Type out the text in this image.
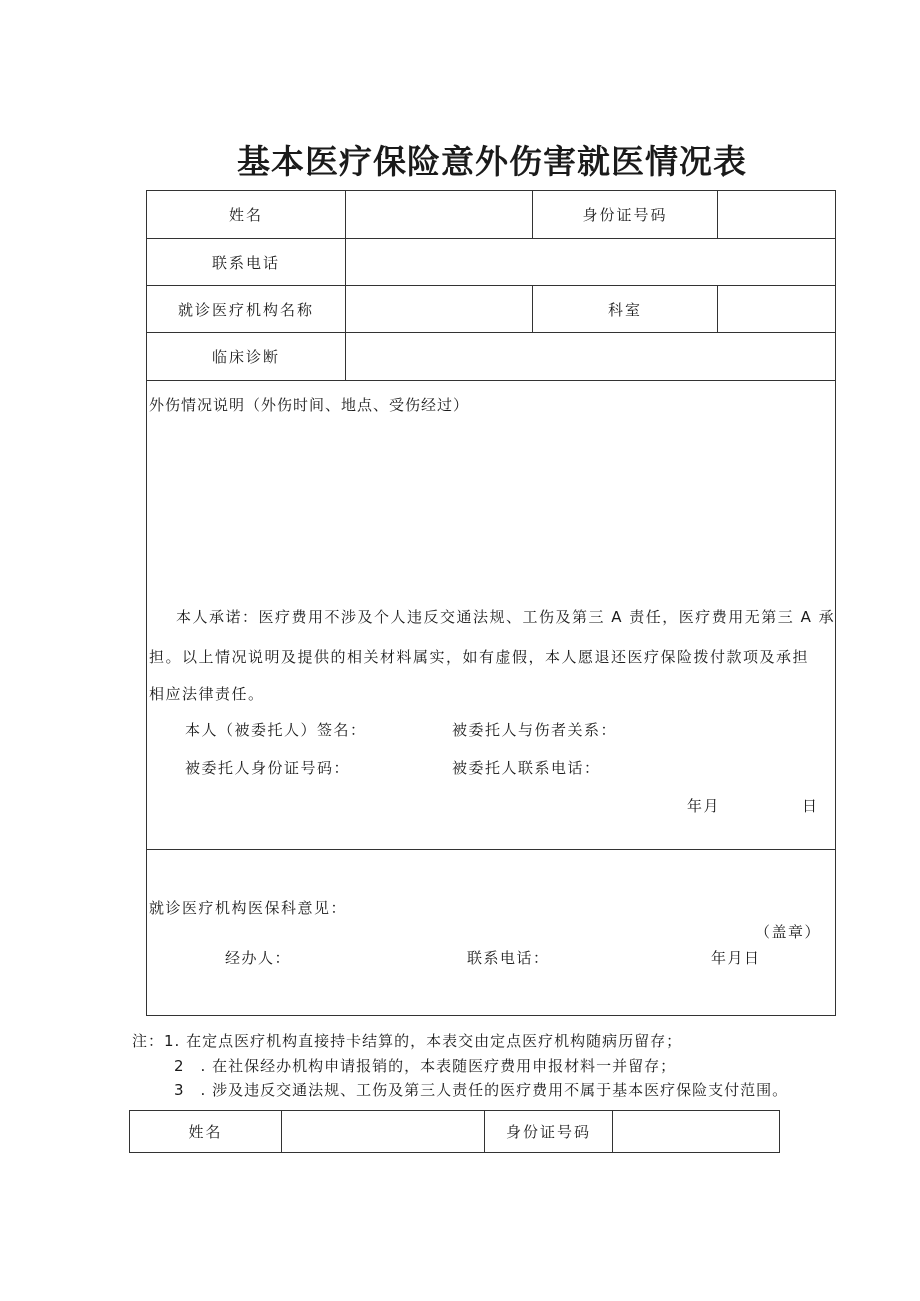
基本医疗保险意外伤害就医情况表
姓名	身份证号码
联系电话
就诊医疗机构名称	科室
临床诊断
外伤情况说明（外伤时间、地点、受伤经过）
本人承诺：医疗费用不涉及个人违反交通法规、工伤及第三 A 责任，医疗费用无第三 A 承
担。以上情况说明及提供的相关材料属实，如有虚假，本人愿退还医疗保险拨付款项及承担
相应法律责任。
本人（被委托人）签名：	被委托人与伤者关系：
被委托人身份证号码：	被委托人联系电话：
年月	日
就诊医疗机构医保科意见：
（盖章）
经办人：	联系电话：	年月日
注：1. 在定点医疗机构直接持卡结算的，本表交由定点医疗机构随病历留存；
2　. 在社保经办机构申请报销的，本表随医疗费用申报材料一并留存；
3　. 涉及违反交通法规、工伤及第三人责任的医疗费用不属于基本医疗保险支付范围。
姓名	身份证号码
